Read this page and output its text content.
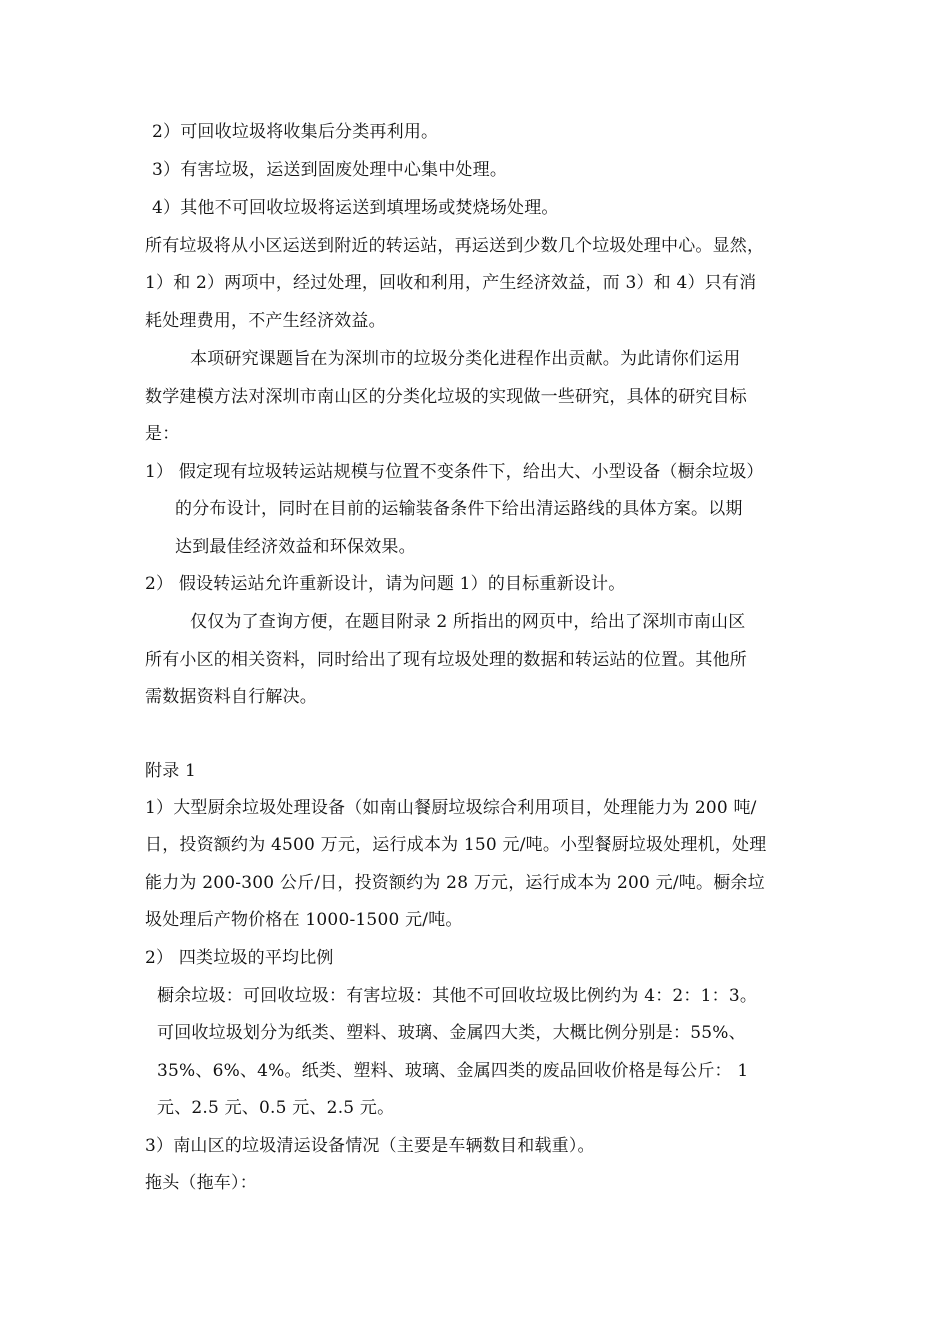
2）可回收垃圾将收集后分类再利用。
3）有害垃圾，运送到固废处理中心集中处理。
4）其他不可回收垃圾将运送到填埋场或焚烧场处理。
所有垃圾将从小区运送到附近的转运站，再运送到少数几个垃圾处理中心。显然，
1）和 2）两项中，经过处理，回收和利用，产生经济效益，而 3）和 4）只有消
耗处理费用，不产生经济效益。
本项研究课题旨在为深圳市的垃圾分类化进程作出贡献。为此请你们运用
数学建模方法对深圳市南山区的分类化垃圾的实现做一些研究，具体的研究目标
是：
1） 假定现有垃圾转运站规模与位置不变条件下，给出大、小型设备（橱余垃圾）
的分布设计，同时在目前的运输装备条件下给出清运路线的具体方案。以期
达到最佳经济效益和环保效果。
2） 假设转运站允许重新设计，请为问题 1）的目标重新设计。
仅仅为了查询方便，在题目附录 2 所指出的网页中，给出了深圳市南山区
所有小区的相关资料，同时给出了现有垃圾处理的数据和转运站的位置。其他所
需数据资料自行解决。
附录 1
1）大型厨余垃圾处理设备（如南山餐厨垃圾综合利用项目，处理能力为 200 吨/
日，投资额约为 4500 万元，运行成本为 150 元/吨。小型餐厨垃圾处理机，处理
能力为 200-300 公斤/日，投资额约为 28 万元，运行成本为 200 元/吨。橱余垃
圾处理后产物价格在 1000-1500 元/吨。
2） 四类垃圾的平均比例
橱余垃圾：可回收垃圾：有害垃圾：其他不可回收垃圾比例约为 4：2：1：3。
可回收垃圾划分为纸类、塑料、玻璃、金属四大类，大概比例分别是：55%、
35%、6%、4%。纸类、塑料、玻璃、金属四类的废品回收价格是每公斤： 1
元、2.5 元、0.5 元、2.5 元。
3）南山区的垃圾清运设备情况（主要是车辆数目和载重）。
拖头（拖车）：
